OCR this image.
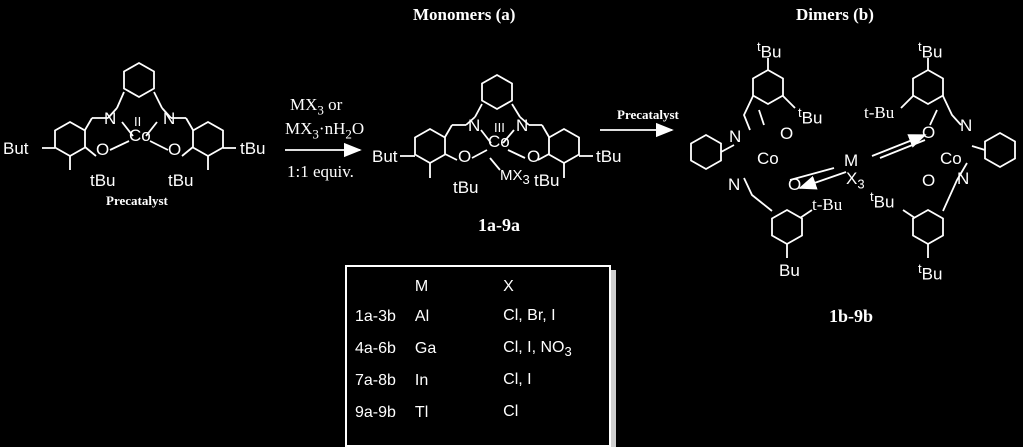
Monomers (a)	Dimers (b)
But	tBu
tBu	tBu
Co
II
N	N
O	O
Precatalyst
$MX_3$ or
$MX_3\cdot nH_2O$
1:1 equiv.
But	tBu
tBu	tBu
Co
III
$MX_3$
N N
O	O
1a-9a
Precatalyst
$^t$Bu	$^t$Bu
$^t$Bu t-Bu
t-Bu $^t$Bu
$^t$Bu
Bu
M
$X_3$
Co	Co
N
N
N
N
O
O
O
O
1b-9b
	M	X
1a-3b	Al	Cl, Br, I
4a-6b	Ga	Cl, I, $NO_3$
7a-8b	In	Cl, I
9a-9b	Tl	Cl
